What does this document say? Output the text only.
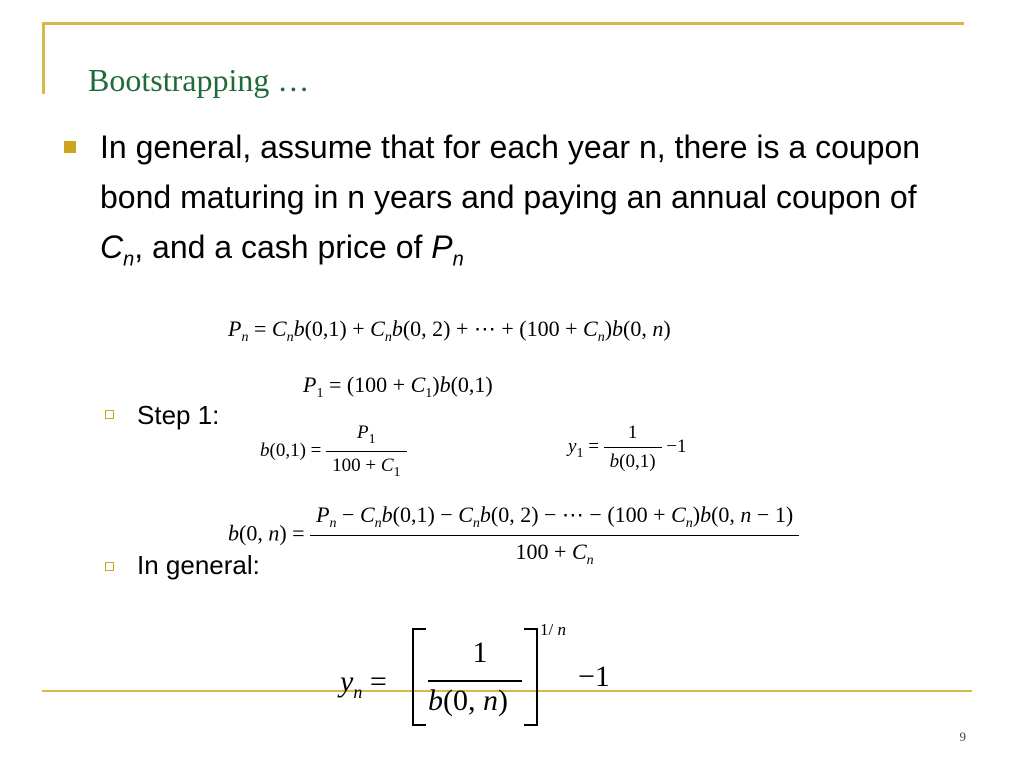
Bootstrapping …
In general, assume that for each year n, there is a coupon bond maturing in n years and paying an annual coupon of $C_n$, and a cash price of $P_n$
$P_n = C_nb(0,1) + C_nb(0$, 2) + ⋯ + $(100 + C_n)b(0$, n)
$P_1 = (100 + C_1)b(0,1)$
Step 1:
$b(0,1) = \frac{P_1}{100 + C_1}$	$y_1 = \frac{1}{b(0,1)} -1$
b(0, $n) = \frac{P_n - C_nb(0,1) - C_nb(0, 2) - \cdots - (100 + C_n)b(0, n - 1)}{100 + C_n}$
In general:
$y_n$ =
1
b(0, n)
1/ n
−1
9
